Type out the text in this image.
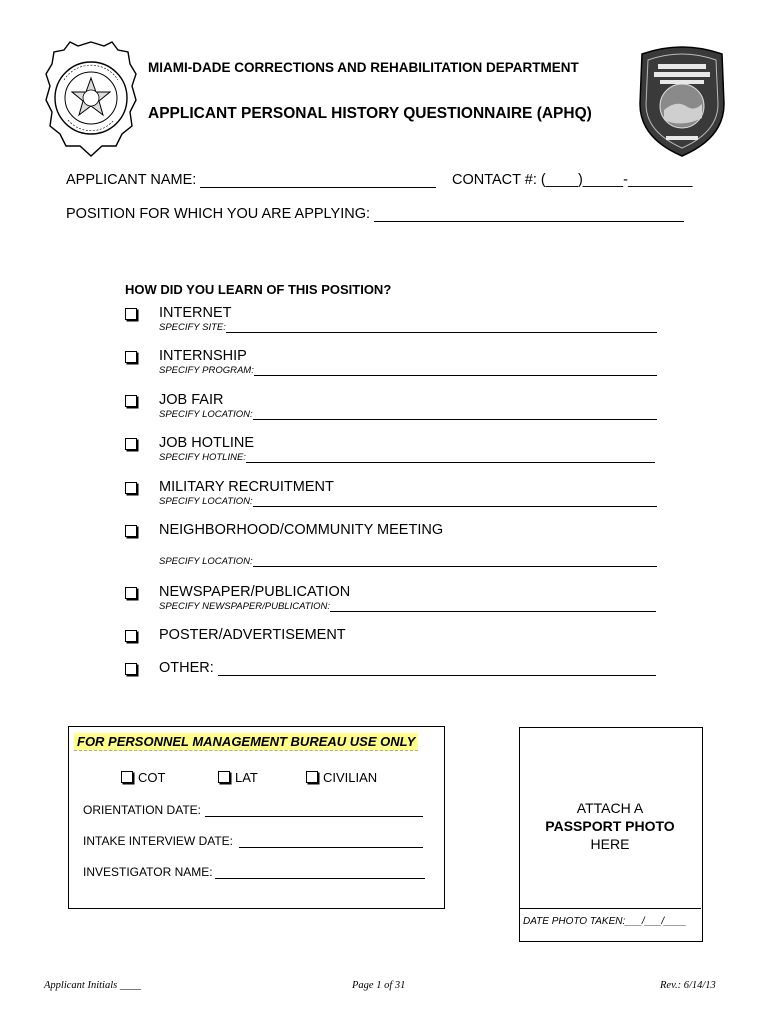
MIAMI-DADE CORRECTIONS AND REHABILITATION DEPARTMENT
APPLICANT PERSONAL HISTORY QUESTIONNAIRE (APHQ)
APPLICANT NAME:	CONTACT #: (____)_____-________
POSITION FOR WHICH YOU ARE APPLYING:
HOW DID YOU LEARN OF THIS POSITION?
INTERNET
SPECIFY SITE:
INTERNSHIP
SPECIFY PROGRAM:
JOB FAIR
SPECIFY LOCATION:
JOB HOTLINE
SPECIFY HOTLINE:
MILITARY RECRUITMENT
SPECIFY LOCATION:
NEIGHBORHOOD/COMMUNITY MEETING
SPECIFY LOCATION:
NEWSPAPER/PUBLICATION
SPECIFY NEWSPAPER/PUBLICATION:
POSTER/ADVERTISEMENT
OTHER:
FOR PERSONNEL MANAGEMENT BUREAU USE ONLY
COT	LAT	CIVILIAN
ORIENTATION DATE:
INTAKE INTERVIEW DATE:
INVESTIGATOR NAME:
ATTACH A
PASSPORT PHOTO
HERE
DATE PHOTO TAKEN:___/___/____
Applicant Initials ____	Page 1 of 31	Rev.: 6/14/13
